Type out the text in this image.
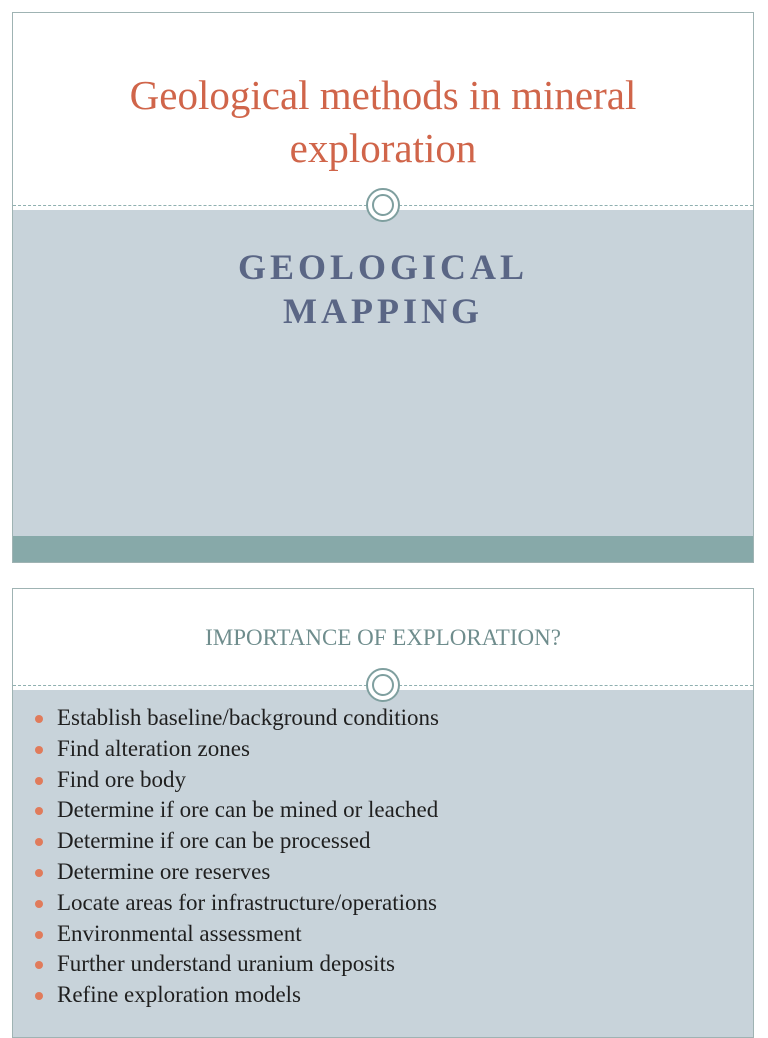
Geological methods in mineral exploration
GEOLOGICAL
MAPPING
IMPORTANCE OF EXPLORATION?
Establish baseline/background conditions
Find alteration zones
Find ore body
Determine if ore can be mined or leached
Determine if ore can be processed
Determine ore reserves
Locate areas for infrastructure/operations
Environmental assessment
Further understand uranium deposits
Refine exploration models
